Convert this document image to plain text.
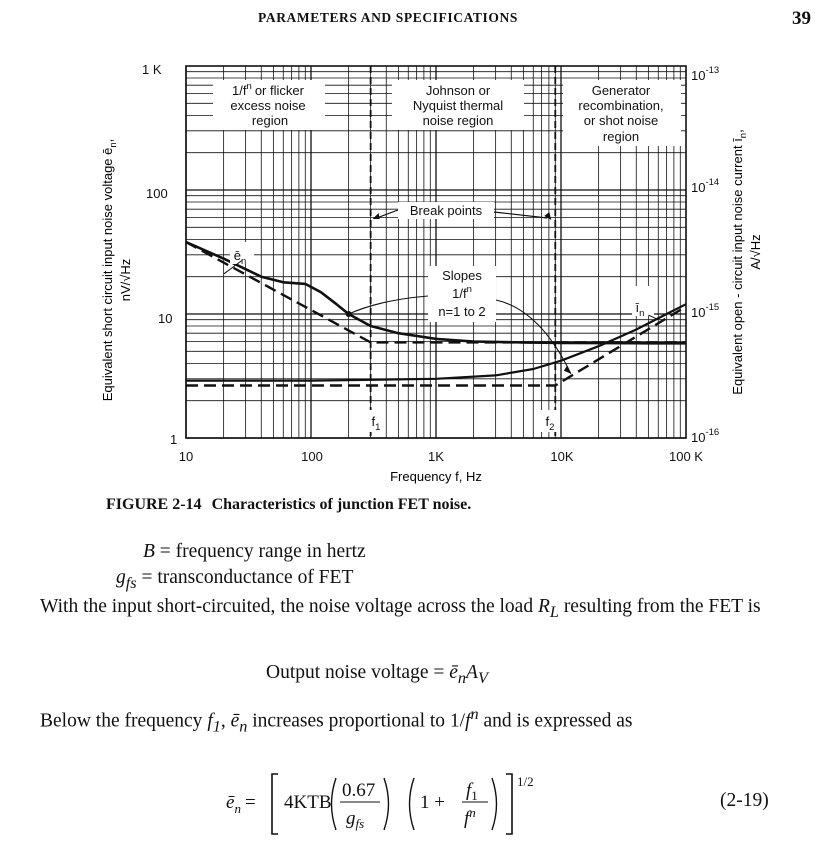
PARAMETERS AND SPECIFICATIONS	39
1 K
100
10
1
$10^{-13}$
$10^{-14}$
$10^{-15}$
$10^{-16}$
10	100	1K	10K	100 K
Frequency f, Hz
Equivalent short circuit input noise voltage $ē_n$,
nV/√Hz	Equivalent open - circuit input noise current $ī_n$,
A/√Hz
$1/f^n$ or flicker
excess noise
region
Johnson or
Nyquist thermal
noise region
Generator
recombination,
or shot noise
region
Break points
Slopes
$1/f^n$
n=1 to 2
$ē_n$
$ī_n$
$f_1$	$f_2$
FIGURE 2-14 Characteristics of junction FET noise.
B = frequency range in hertz
$g_{fs}$ = transconductance of FET
With the input short-circuited, the noise voltage across the load $R_L$ resulting from the FET is
Output noise voltage = $ē_nA_V$
Below the frequency $f_1$, $ē_n$ increases proportional to $1/f^n$ and is expressed as
$ē_n = 4KTB$
0.67
$g_{fs}$
1 +
$f_1$
$f^n$
1/2
(2-19)
